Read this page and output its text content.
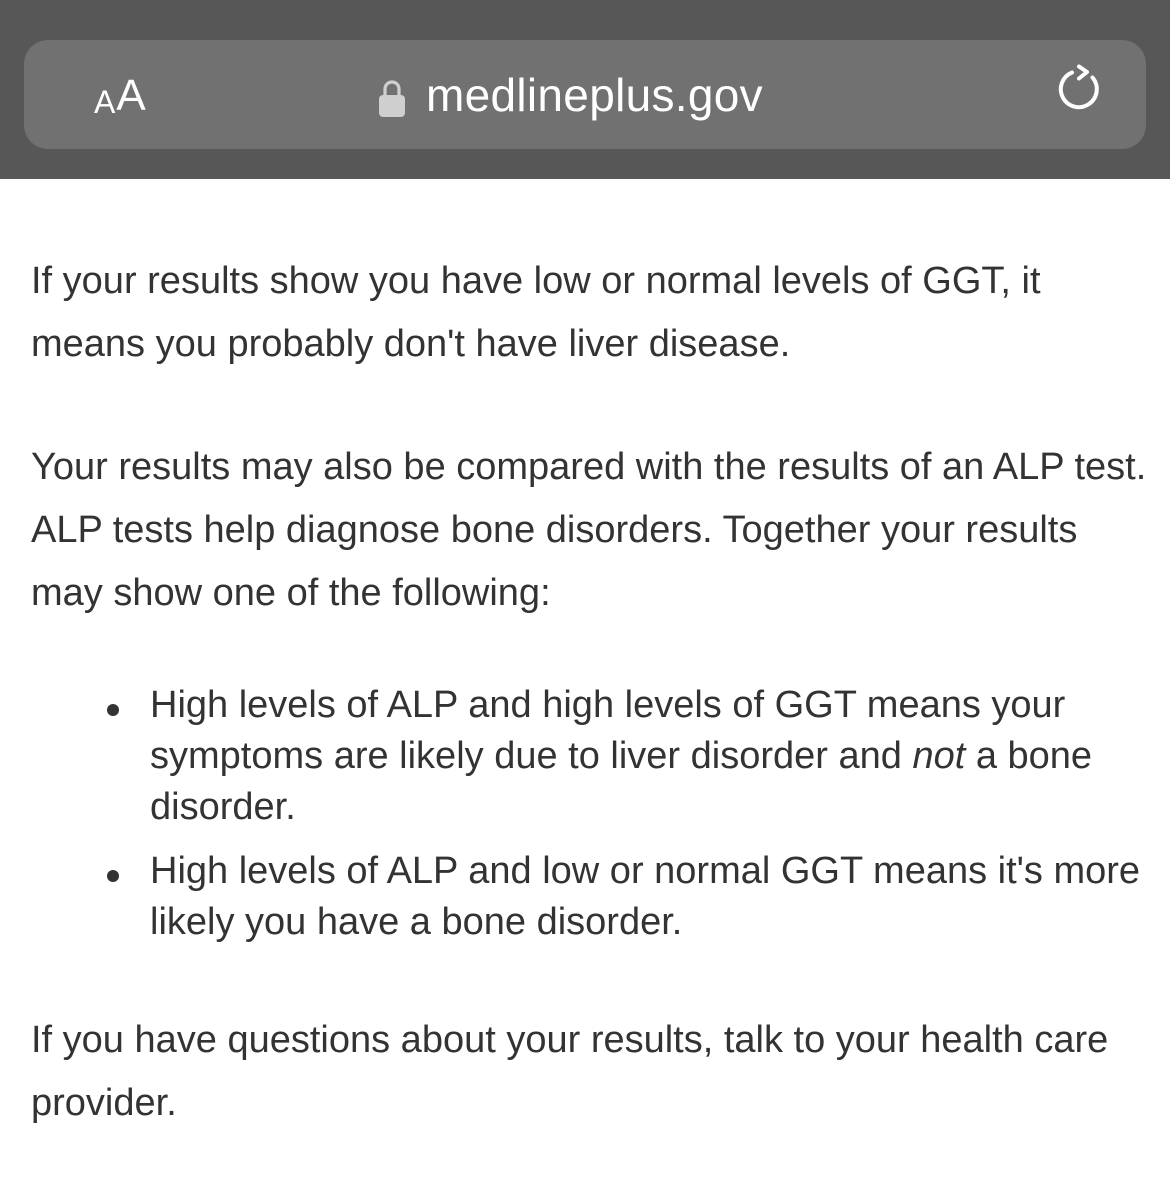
A A	medlineplus.gov

If your results show you have low or normal levels of GGT, it means you probably don't have liver disease.

Your results may also be compared with the results of an ALP test. ALP tests help diagnose bone disorders. Together your results may show one of the following:

High levels of ALP and high levels of GGT means your symptoms are likely due to liver disorder and not a bone disorder.
High levels of ALP and low or normal GGT means it's more likely you have a bone disorder.

If you have questions about your results, talk to your health care provider.
